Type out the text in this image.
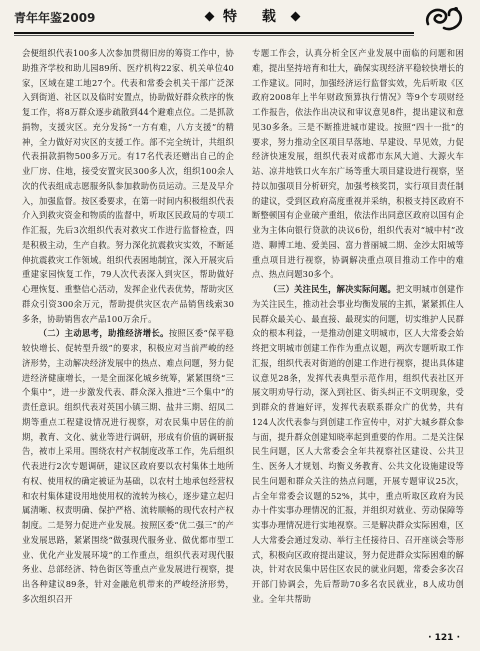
青年年鉴2009	特 载

会便组织代表100多人次参加贯彻旧房的筹资工作中，协助推齐学校和助儿园89所、医疗机构22家、机关单位40家，区域在建工地27个。代表和常委会机关干部广泛深入到街道、社区以及临时安置点，协助做好群众秩序的恢复工作，将8万群众逐步疏散到44个避难点位。二是抓款捐物，支援灾区。充分发扬“一方有难，八方支援”的精神，全力做好对灾区的支援工作。部不完全统计，共组织代表捐款捐物500多万元。有17名代表还赠出自己的企业厂房、住地，接受安置灾民300多人次，组织100余人次的代表组成志愿服务队参加救助伤员运动。三是及早介入，加强监督。按区委要求，在第一时间内积极组织代表介入到救灾资金和物质的监督中，听取区民政局的专项工作汇报，先后3次组织代表对救灾工作进行监督检查，四是积极主动，生产自救。努力深化抗震救灾实效，不断延伸抗震救灾工作领域。组织代表困地制宜，深入开展灾后重建家园恢复工作，79人次代表深入到灾区，帮助做好心理恢复、重整信心活动，发挥企业代表优势，帮助灾区群众引资300余万元，帮助提供灾区农产品销售线索30多条，协助销售农产品100万余斤。

（二）主动思考，助推经济增长。按照区委“保平稳较快增长、促转型升级”的要求，积极应对当前严峻的经济形势，主动解决经济发展中的热点、难点问题，努力促进经济健康增长，一是全面深化城乡统筹，紧紧围绕“三个集中”，进一步激发代表、群众深入推进“三个集中”的责任意识。组织代表对英国小镇三期、盐井三期、绍凤二期等重点工程建设情况进行视察，对农民集中居住的前期，教育、文化、就业等进行调研，形成有价值的调研报告，被市上采用。围绕农村产权制度改革工作，先后组织代表进行2次专题调研，建议区政府要以农村集体土地所有权、使用权的确定被证为基础，以农村土地承包经营权和农村集体建设用地使用权的流转为核心，逐步建立起归属清晰、权责明确、保护严格、流转顺畅的现代农村产权制度。二是努力促进产业发展。按照区委“优二强三”的产业发展思路，紧紧围绕“做强现代服务业、做优都市型工业、优化产业发展环境”的工作重点，组织代表对现代服务业、总部经济、特色街区等重点产业发展进行视察，提出各种建议89条，针对金融危机带来的严峻经济形势，多次组织召开

专题工作会，认真分析全区产业发展中面临的问题和困难，提出坚持培育和壮大，确保实现经济平稳较快增长的工作建议。同时，加强经济运行监督实效，先后听取《区政府2008年上半年财政预算执行情况》等9个专项财经工作报告，依法作出决议和审议意见8件，提出建议和意见30多条。三是不断推进城市建设。按照“四十一批”的要求，努力推动全区项目早落地、早建设、早见效，力促经济快速发展，组织代表对成都市东风大道、大源火车站、凉井地铁口火车东广场等重大项目建设进行视察，坚持以加强项目分析研究，加强考核奖罚，实行项目责任制的建议，受到区政府高度重视并采纳，积极支持区政府不断整顿国有企业破产重组，依法作出同意区政府以国有企业为主体向银行贷款的决议6份，组织代表对“城中村”改造、聊博工地、爱美园、富力普丽城二期、金沙太阳城等重点项目进行视察，协调解决重点项目推动工作中的难点、热点问题30多个。

（三）关注民生，解决实际问题。把文明城市创建作为关注民生，推动社会事业均衡发展的主抓，紧紧抓住人民群众最关心、最直接、最现实的问题，切实维护人民群众的根本利益，一是推动创建文明城市，区人大常委会始终把文明城市创建工作作为重点议题，两次专题听取工作汇报，组织代表对街道的创建工作进行视察，提出具体建议意见28条，发挥代表典型示范作用，组织代表社区开展文明劝导行动，深入到社区、街头纠正不文明现象，受到群众的普遍好评，发挥代表联系群众广的优势，共有124人次代表参与到创建工作宣传中，对扩大城乡群众参与面，提升群众创建知晓率起到重要的作用。二是关注保民生问题，区人大常委会全年共视察社区建设、公共卫生、医务人才规划、均衡义务教育、公共文化设施建设等民生问题和群众关注的热点问题，开展专题审议25次，占全年常委会议题的52%，其中，重点听取区政府为民办十件实事办理情况的汇报，并组织对就业、劳动保障等实事办理情况进行实地视察。三是解决群众实际困难，区人大常委会通过发动、举行主任接待日、召开座谈会等形式，积极向区政府提出建议，努力促进群众实际困难的解决，针对农民集中居住区农民的就业问题，常委会多次召开部门协调会，先后帮助70多名农民就业，8人成功创业。全年共帮助

· 121 ·
